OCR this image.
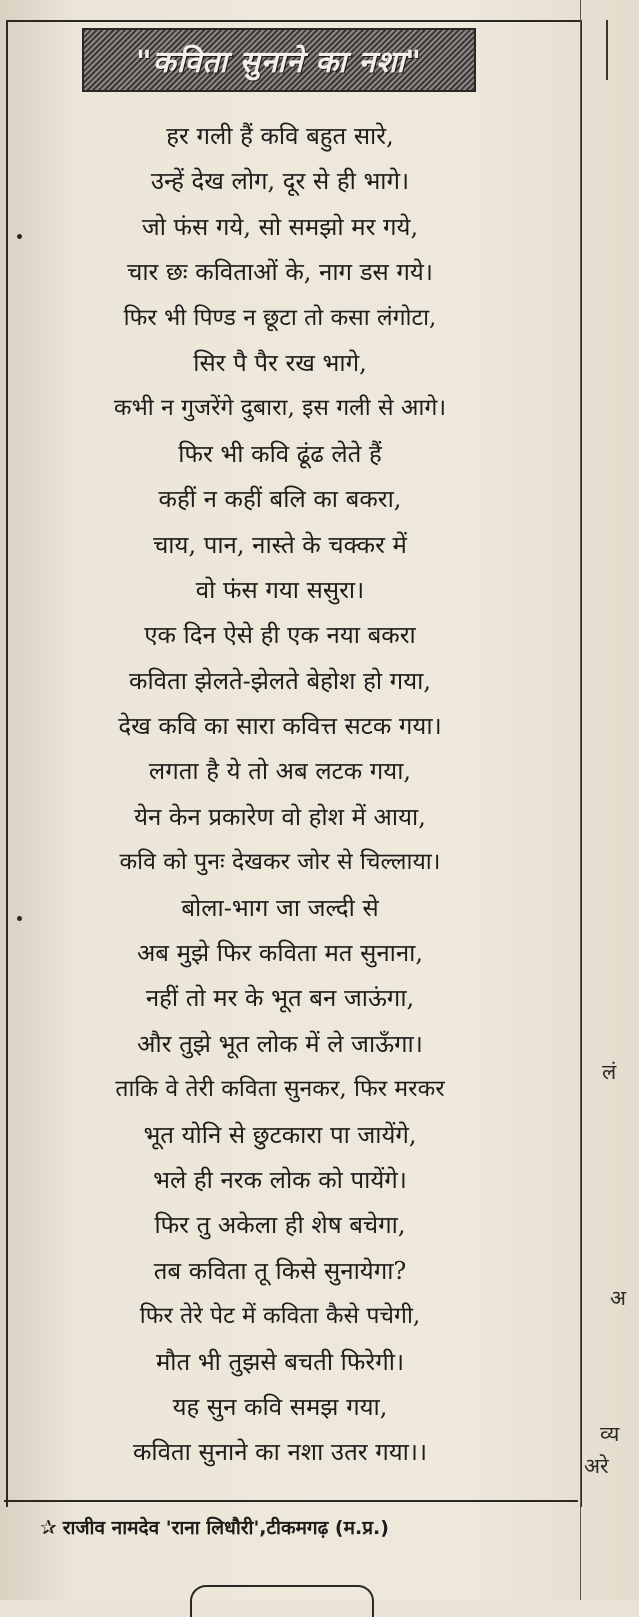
"कविता सुनाने का नशा"
हर गली हैं कवि बहुत सारे,
उन्हें देख लोग, दूर से ही भागे।
जो फंस गये, सो समझो मर गये,
चार छः कविताओं के, नाग डस गये।
फिर भी पिण्ड न छूटा तो कसा लंगोटा,
सिर पै पैर रख भागे,
कभी न गुजरेंगे दुबारा, इस गली से आगे।
फिर भी कवि ढूंढ लेते हैं
कहीं न कहीं बलि का बकरा,
चाय, पान, नास्ते के चक्कर में
वो फंस गया ससुरा।
एक दिन ऐसे ही एक नया बकरा
कविता झेलते-झेलते बेहोश हो गया,
देख कवि का सारा कवित्त सटक गया।
लगता है ये तो अब लटक गया,
येन केन प्रकारेण वो होश में आया,
कवि को पुनः देखकर जोर से चिल्लाया।
बोला-भाग जा जल्दी से
अब मुझे फिर कविता मत सुनाना,
नहीं तो मर के भूत बन जाऊंगा,
और तुझे भूत लोक में ले जाऊँगा।
ताकि वे तेरी कविता सुनकर, फिर मरकर
भूत योनि से छुटकारा पा जायेंगे,
भले ही नरक लोक को पायेंगे।
फिर तु अकेला ही शेष बचेगा,
तब कविता तू किसे सुनायेगा?
फिर तेरे पेट में कविता कैसे पचेगी,
मौत भी तुझसे बचती फिरेगी।
यह सुन कवि समझ गया,
कविता सुनाने का नशा उतर गया।।
✰ राजीव नामदेव 'राना लिधौरी',टीकमगढ़ (म.प्र.)
लं
अ
व्य
अरे
